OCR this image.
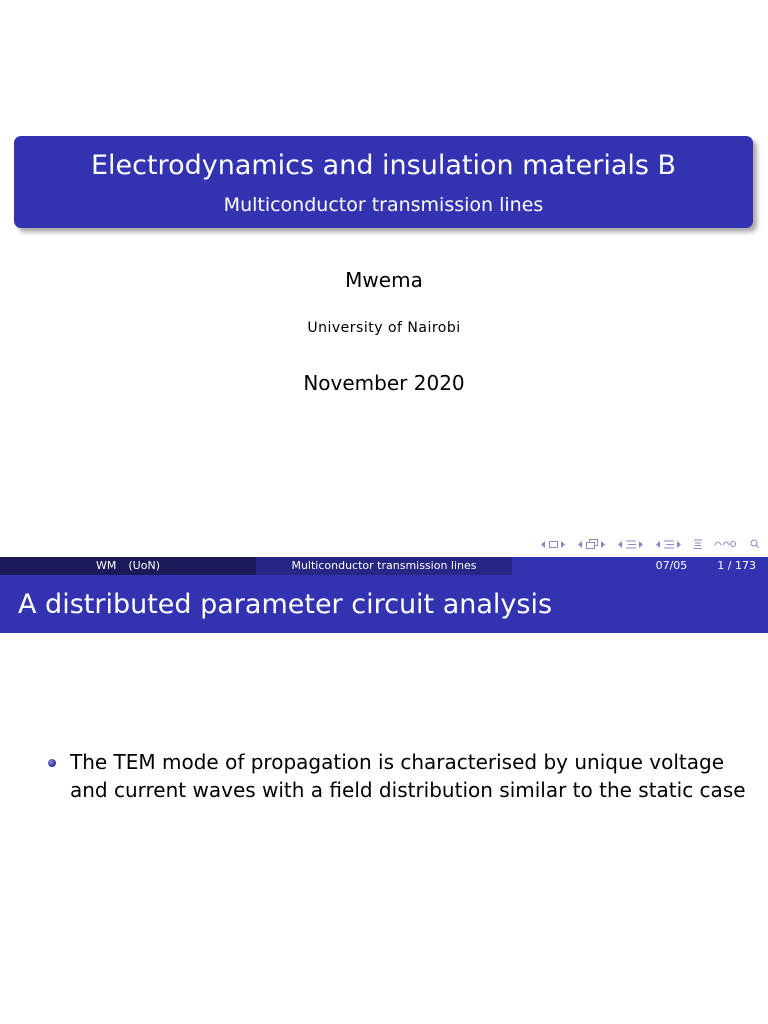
Electrodynamics and insulation materials B
Multiconductor transmission lines
Mwema
University of Nairobi
November 2020
WM (UoN)	Multiconductor transmission lines	07/05	1 / 173
A distributed parameter circuit analysis
The TEM mode of propagation is characterised by unique voltage and current waves with a field distribution similar to the static case
